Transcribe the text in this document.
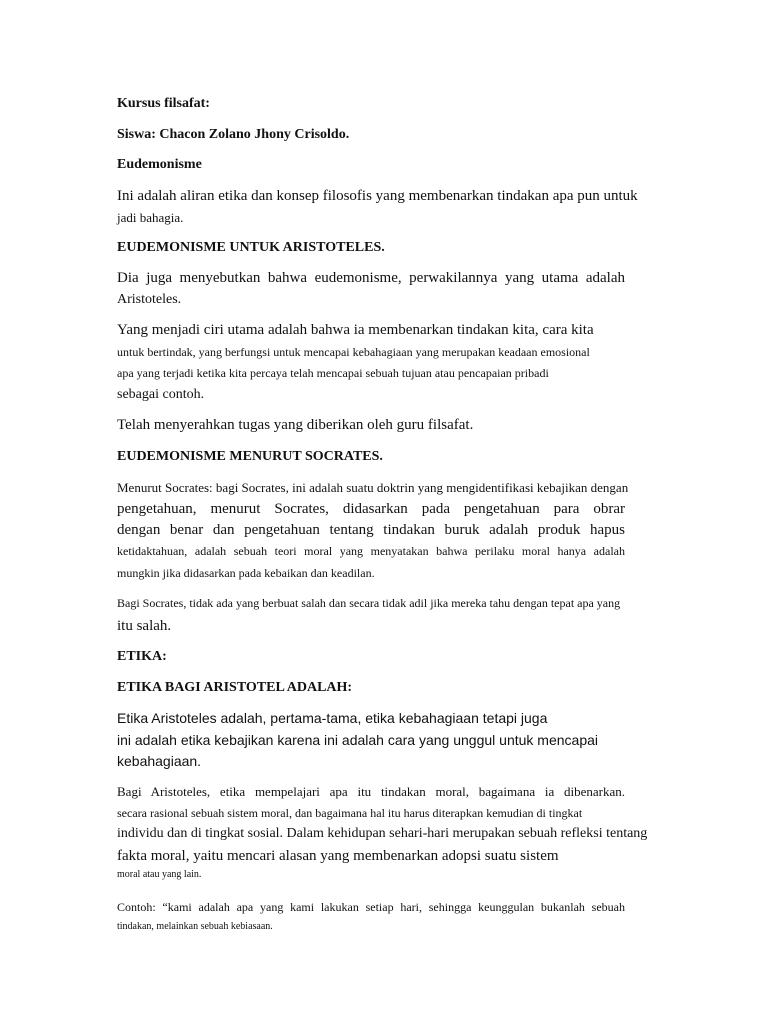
Kursus filsafat:
Siswa: Chacon Zolano Jhony Crisoldo.
Eudemonisme
Ini adalah aliran etika dan konsep filosofis yang membenarkan tindakan apa pun untuk
jadi bahagia.
EUDEMONISME UNTUK ARISTOTELES.
Dia juga menyebutkan bahwa eudemonisme, perwakilannya yang utama adalah
Aristoteles.
Yang menjadi ciri utama adalah bahwa ia membenarkan tindakan kita, cara kita
untuk bertindak, yang berfungsi untuk mencapai kebahagiaan yang merupakan keadaan emosional
apa yang terjadi ketika kita percaya telah mencapai sebuah tujuan atau pencapaian pribadi
sebagai contoh.
Telah menyerahkan tugas yang diberikan oleh guru filsafat.
EUDEMONISME MENURUT SOCRATES.
Menurut Socrates: bagi Socrates, ini adalah suatu doktrin yang mengidentifikasi kebajikan dengan
pengetahuan, menurut Socrates, didasarkan pada pengetahuan para obrar
dengan benar dan pengetahuan tentang tindakan buruk adalah produk hapus
ketidaktahuan, adalah sebuah teori moral yang menyatakan bahwa perilaku moral hanya adalah
mungkin jika didasarkan pada kebaikan dan keadilan.
Bagi Socrates, tidak ada yang berbuat salah dan secara tidak adil jika mereka tahu dengan tepat apa yang
itu salah.
ETIKA:
ETIKA BAGI ARISTOTEL ADALAH:
Etika Aristoteles adalah, pertama-tama, etika kebahagiaan tetapi juga
ini adalah etika kebajikan karena ini adalah cara yang unggul untuk mencapai
kebahagiaan.
Bagi Aristoteles, etika mempelajari apa itu tindakan moral, bagaimana ia dibenarkan.
secara rasional sebuah sistem moral, dan bagaimana hal itu harus diterapkan kemudian di tingkat
individu dan di tingkat sosial. Dalam kehidupan sehari-hari merupakan sebuah refleksi tentang
fakta moral, yaitu mencari alasan yang membenarkan adopsi suatu sistem
moral atau yang lain.
Contoh: “kami adalah apa yang kami lakukan setiap hari, sehingga keunggulan bukanlah sebuah
tindakan, melainkan sebuah kebiasaan.
